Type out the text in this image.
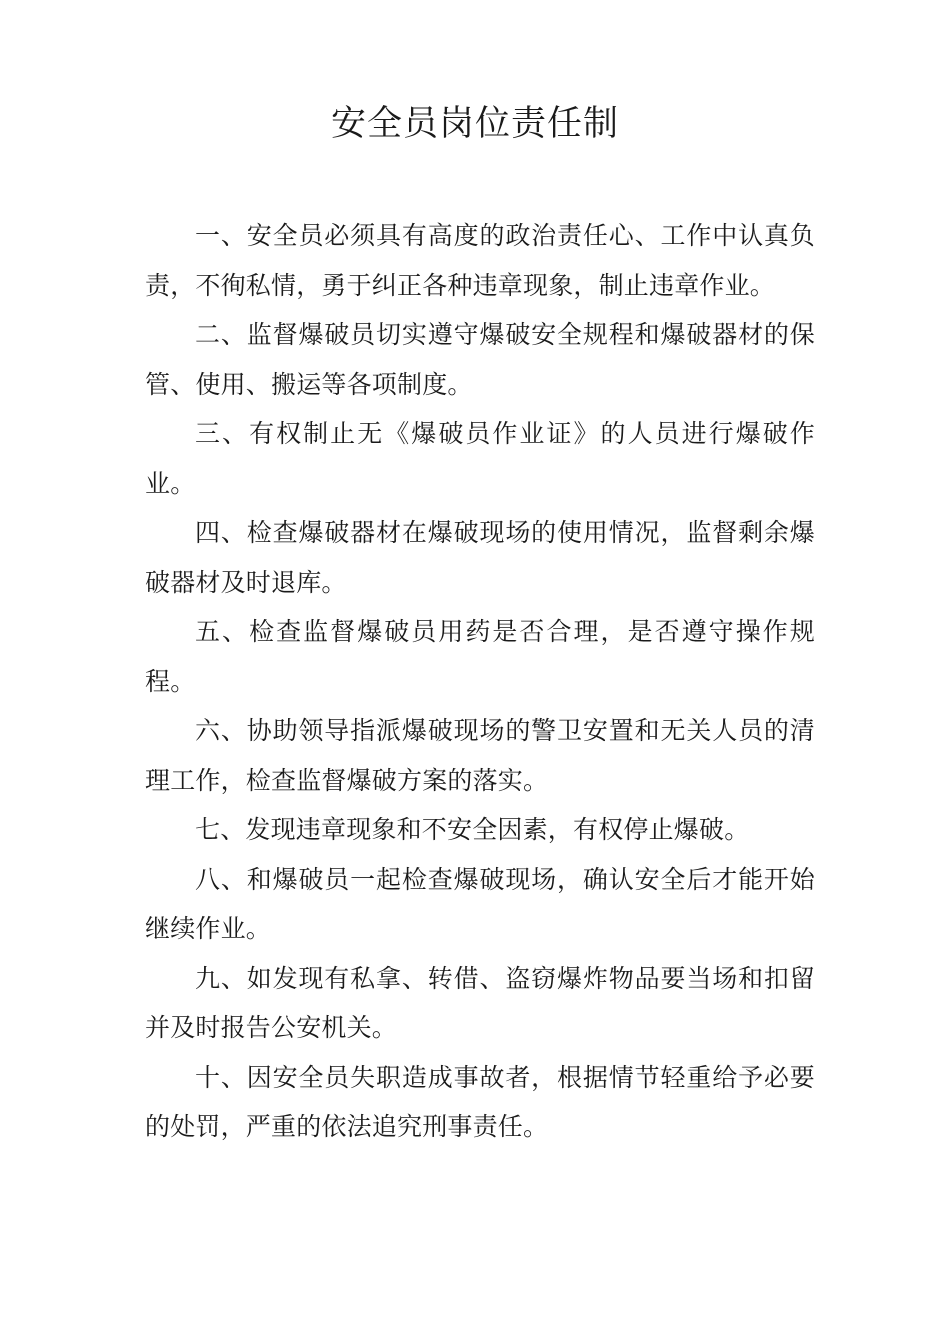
安全员岗位责任制

一、安全员必须具有高度的政治责任心、工作中认真负责，不徇私情，勇于纠正各种违章现象，制止违章作业。

二、监督爆破员切实遵守爆破安全规程和爆破器材的保管、使用、搬运等各项制度。

三、有权制止无《爆破员作业证》的人员进行爆破作业。

四、检查爆破器材在爆破现场的使用情况，监督剩余爆破器材及时退库。

五、检查监督爆破员用药是否合理，是否遵守操作规程。

六、协助领导指派爆破现场的警卫安置和无关人员的清理工作，检查监督爆破方案的落实。

七、发现违章现象和不安全因素，有权停止爆破。

八、和爆破员一起检查爆破现场，确认安全后才能开始继续作业。

九、如发现有私拿、转借、盗窃爆炸物品要当场和扣留并及时报告公安机关。

十、因安全员失职造成事故者，根据情节轻重给予必要的处罚，严重的依法追究刑事责任。
